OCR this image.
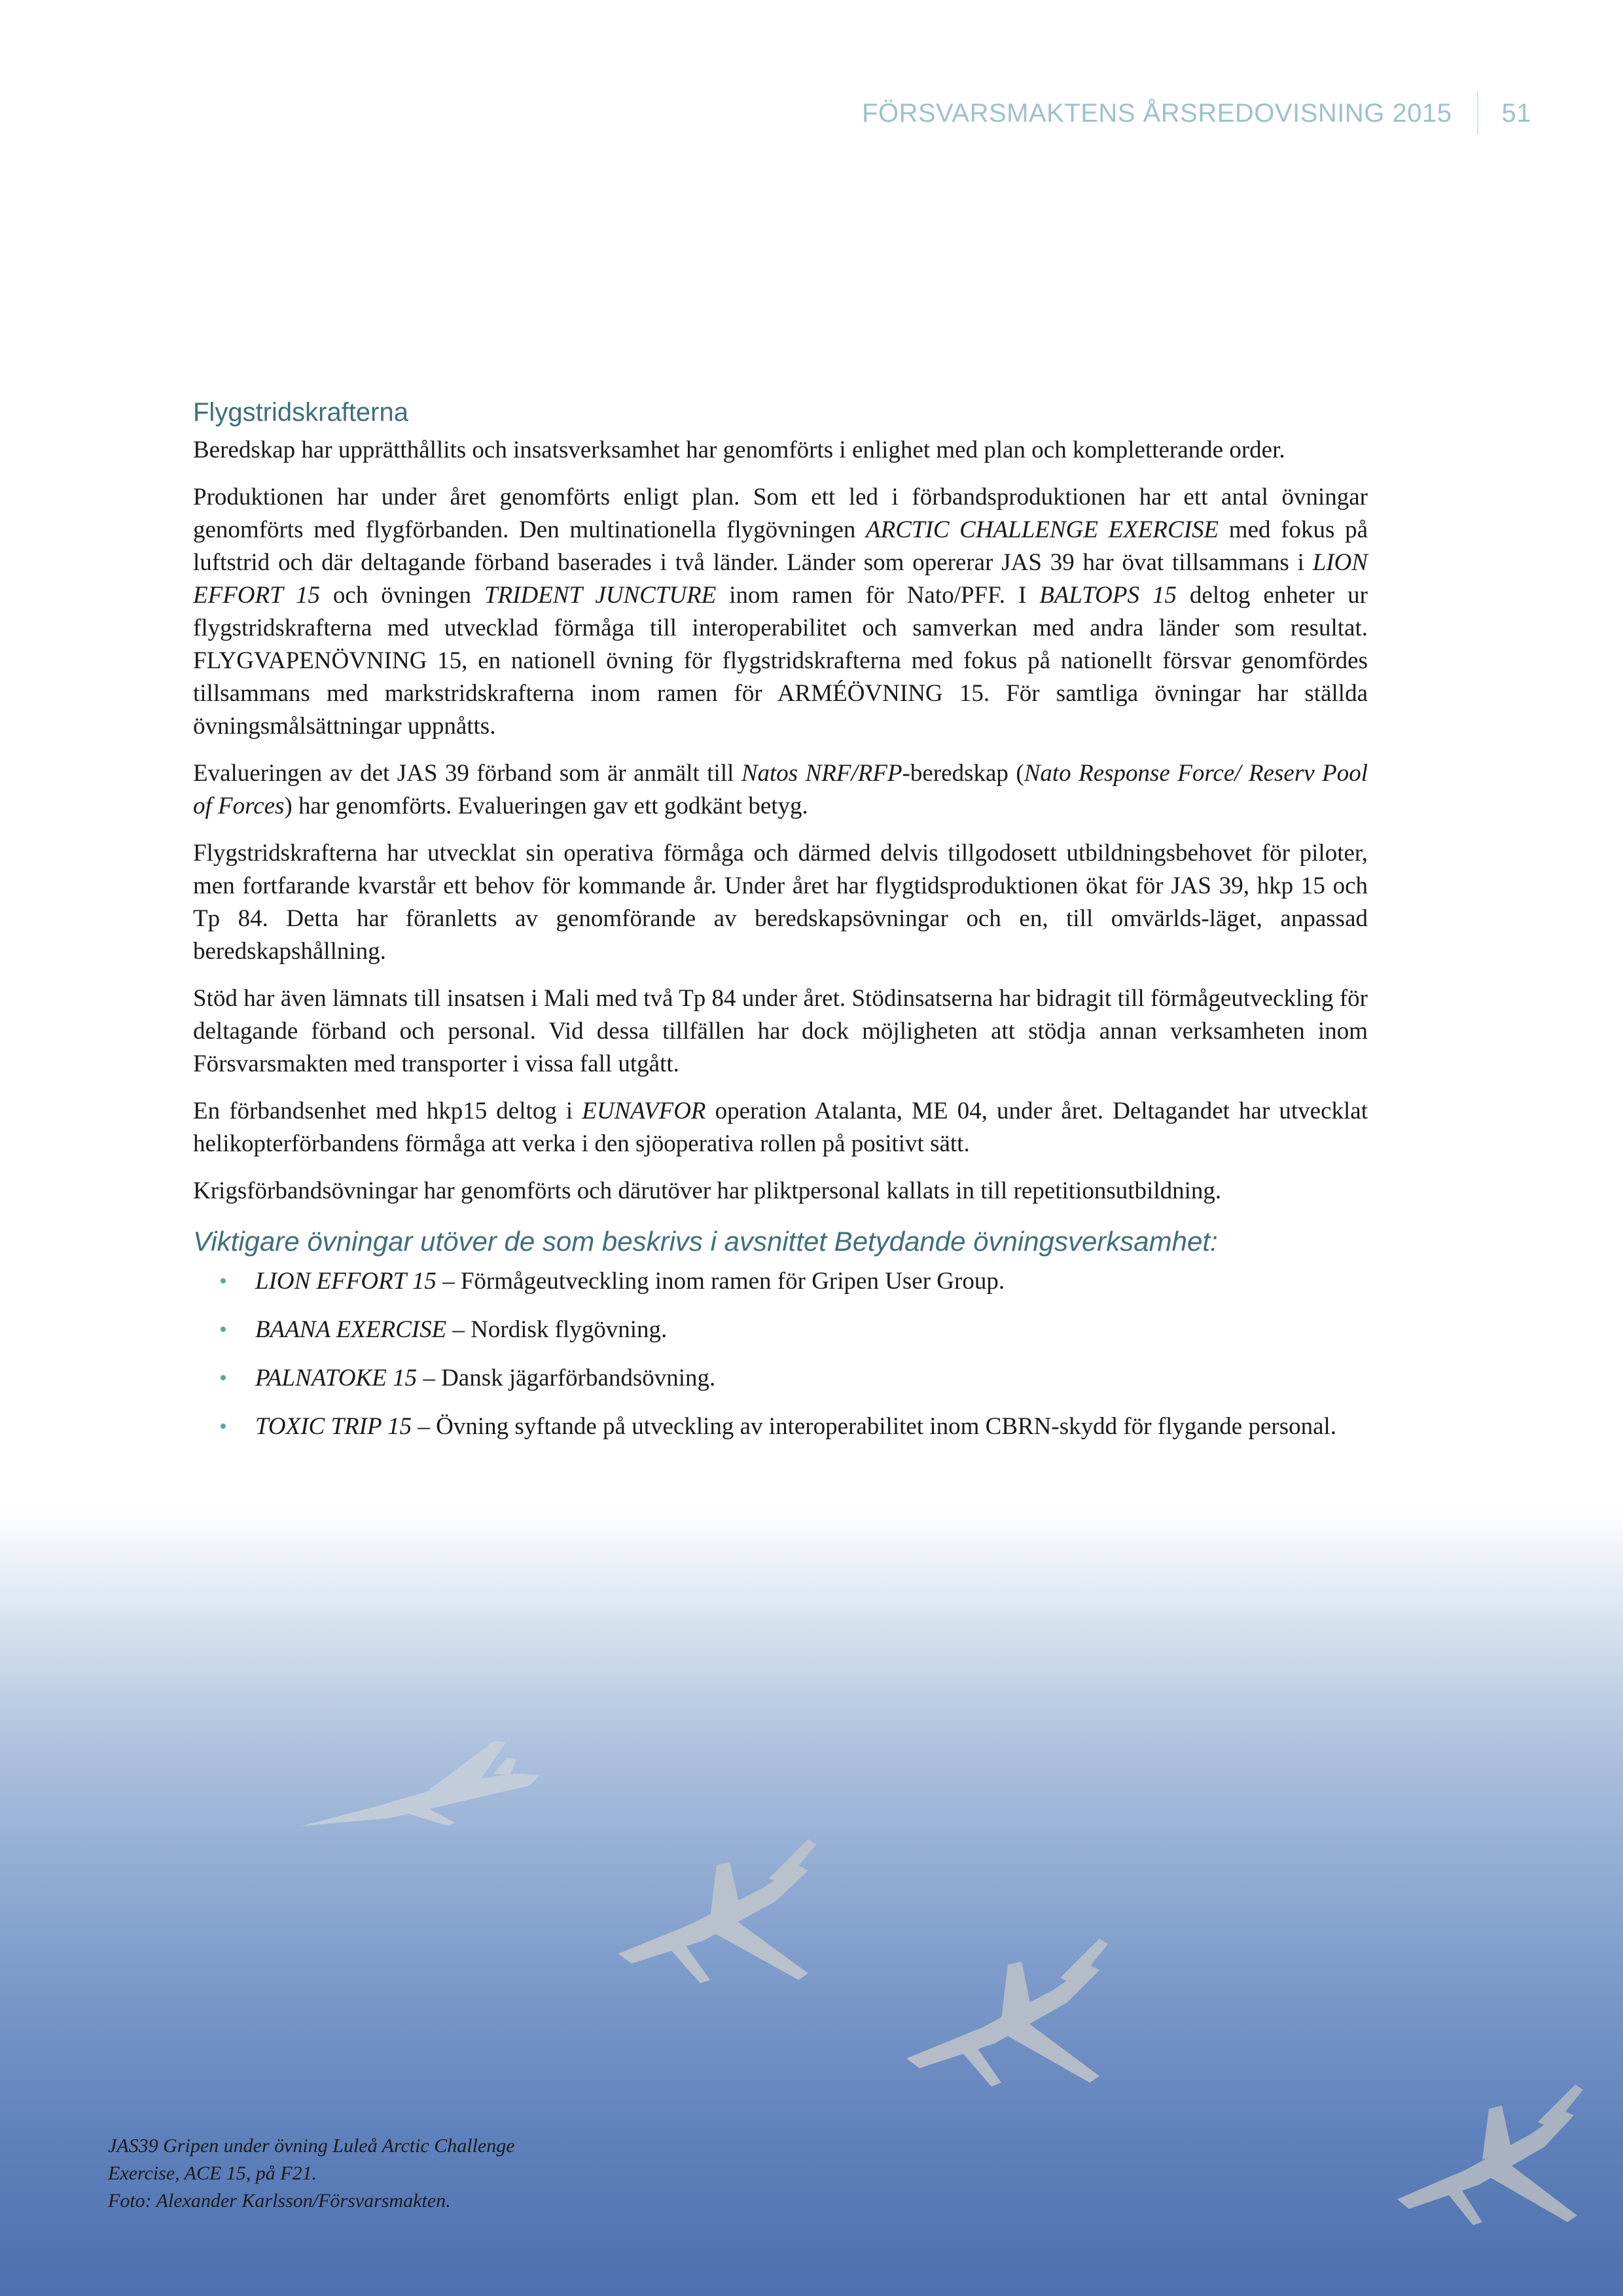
FÖRSVARSMAKTENS ÅRSREDOVISNING 2015 51
Flygstridskrafterna

Beredskap har upprätthållits och insatsverksamhet har genomförts i enlighet med plan och kompletterande order.

Produktionen har under året genomförts enligt plan. Som ett led i förbandsproduktionen har ett antal övningar genomförts med flygförbanden. Den multinationella flygövningen ARCTIC CHALLENGE EXERCISE med fokus på luftstrid och där deltagande förband baserades i två länder. Länder som opererar JAS 39 har övat tillsammans i LION EFFORT 15 och övningen TRIDENT JUNCTURE inom ramen för Nato/PFF. I BALTOPS 15 deltog enheter ur flygstridskrafterna med utvecklad förmåga till interoperabilitet och samverkan med andra länder som resultat. FLYGVAPENÖVNING 15, en nationell övning för flygstridskrafterna med fokus på nationellt försvar genomfördes tillsammans med markstridskrafterna inom ramen för ARMÉÖVNING 15. För samtliga övningar har ställda övningsmålsättningar uppnåtts.

Evalueringen av det JAS 39 förband som är anmält till Natos NRF/RFP-beredskap (Nato Response Force/ Reserv Pool of Forces) har genomförts. Evalueringen gav ett godkänt betyg.

Flygstridskrafterna har utvecklat sin operativa förmåga och därmed delvis tillgodosett utbildningsbehovet för piloter, men fortfarande kvarstår ett behov för kommande år. Under året har flygtidsproduktionen ökat för JAS 39, hkp 15 och Tp 84. Detta har föranletts av genomförande av beredskapsövningar och en, till omvärlds-läget, anpassad beredskapshållning.

Stöd har även lämnats till insatsen i Mali med två Tp 84 under året. Stödinsatserna har bidragit till förmågeutveckling för deltagande förband och personal. Vid dessa tillfällen har dock möjligheten att stödja annan verksamheten inom Försvarsmakten med transporter i vissa fall utgått.

En förbandsenhet med hkp15 deltog i EUNAVFOR operation Atalanta, ME 04, under året. Deltagandet har utvecklat helikopterförbandens förmåga att verka i den sjöoperativa rollen på positivt sätt.

Krigsförbandsövningar har genomförts och därutöver har pliktpersonal kallats in till repetitionsutbildning.

Viktigare övningar utöver de som beskrivs i avsnittet Betydande övningsverksamhet:
• LION EFFORT 15 – Förmågeutveckling inom ramen för Gripen User Group.
• BAANA EXERCISE – Nordisk flygövning.
• PALNATOKE 15 – Dansk jägarförbandsövning.
• TOXIC TRIP 15 – Övning syftande på utveckling av interoperabilitet inom CBRN-skydd för flygande personal.
JAS39 Gripen under övning Luleå Arctic Challenge
Exercise, ACE 15, på F21.
Foto: Alexander Karlsson/Försvarsmakten.
